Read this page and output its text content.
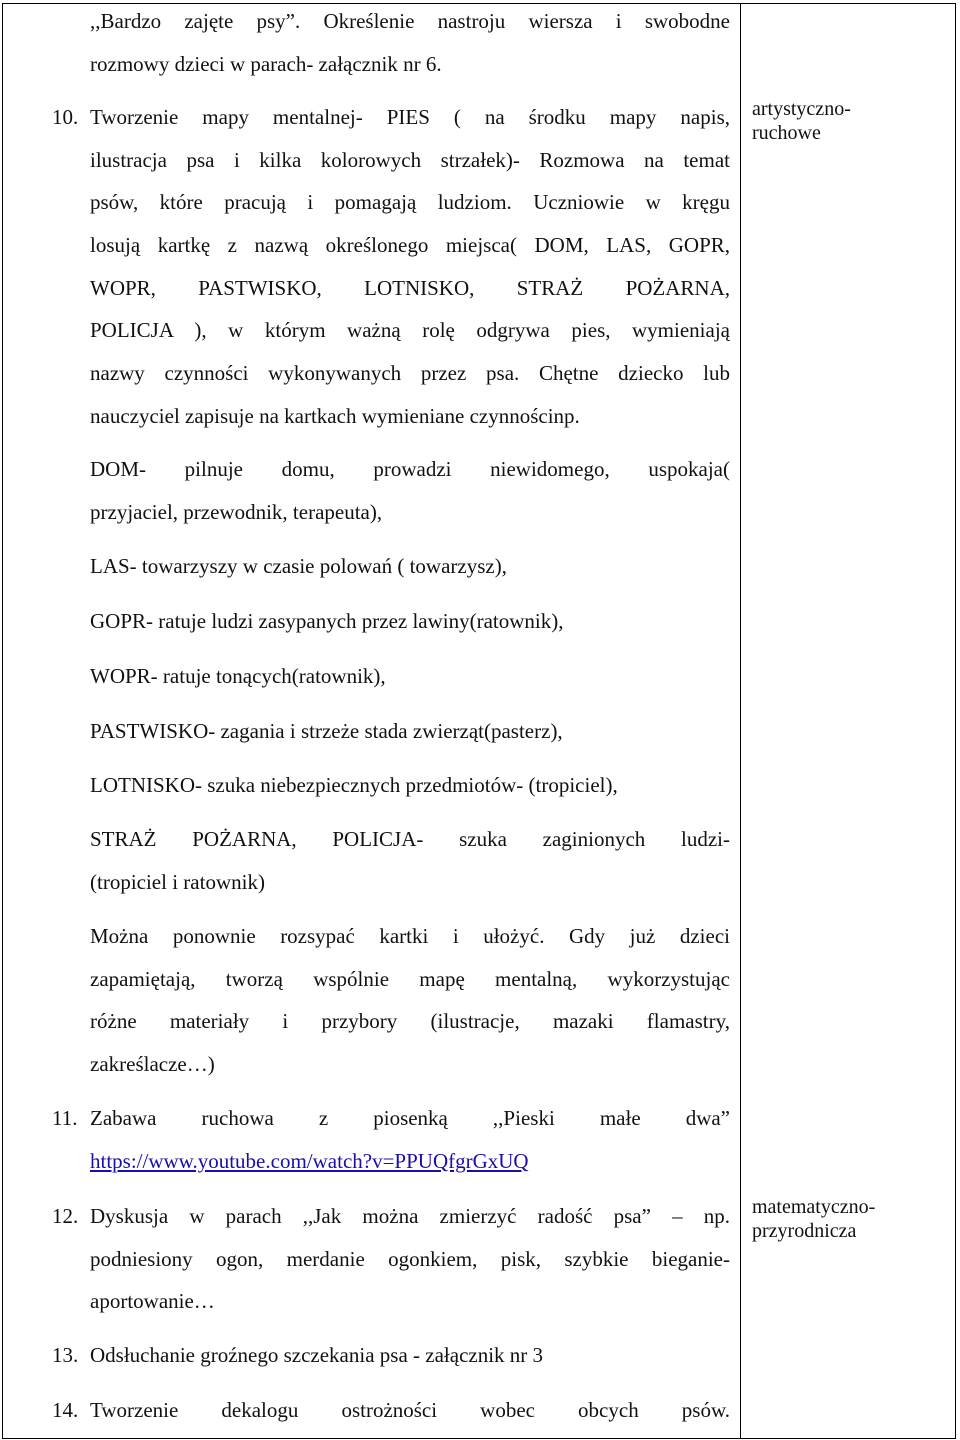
,,Bardzo zajęte psy”. Określenie nastroju wiersza i swobodne
rozmowy dzieci w parach- załącznik nr 6.
10. Tworzenie mapy mentalnej- PIES ( na środku mapy napis,
ilustracja psa i kilka kolorowych strzałek)- Rozmowa na temat
psów, które pracują i pomagają ludziom. Uczniowie w kręgu
losują kartkę z nazwą określonego miejsca( DOM, LAS, GOPR,
WOPR, PASTWISKO, LOTNISKO, STRAŻ POŻARNA,
POLICJA ), w którym ważną rolę odgrywa pies, wymieniają
nazwy czynności wykonywanych przez psa. Chętne dziecko lub
nauczyciel zapisuje na kartkach wymieniane czynnościnp.
DOM- pilnuje domu, prowadzi niewidomego, uspokaja(
przyjaciel, przewodnik, terapeuta),
LAS- towarzyszy w czasie polowań ( towarzysz),
GOPR- ratuje ludzi zasypanych przez lawiny(ratownik),
WOPR- ratuje tonących(ratownik),
PASTWISKO- zagania i strzeże stada zwierząt(pasterz),
LOTNISKO- szuka niebezpiecznych przedmiotów- (tropiciel),
STRAŻ POŻARNA, POLICJA- szuka zaginionych ludzi-
(tropiciel i ratownik)
Można ponownie rozsypać kartki i ułożyć. Gdy już dzieci
zapamiętają, tworzą wspólnie mapę mentalną, wykorzystując
różne materiały i przybory (ilustracje, mazaki flamastry,
zakreślacze…)
11. Zabawa ruchowa z piosenką ,,Pieski małe dwa”
https://www.youtube.com/watch?v=PPUQfgrGxUQ
12. Dyskusja w parach ,,Jak można zmierzyć radość psa” – np.
podniesiony ogon, merdanie ogonkiem, pisk, szybkie bieganie-
aportowanie…
13. Odsłuchanie groźnego szczekania psa - załącznik nr 3
14. Tworzenie dekalogu ostrożności wobec obcych psów.
artystyczno-
ruchowe
matematyczno-
przyrodnicza
